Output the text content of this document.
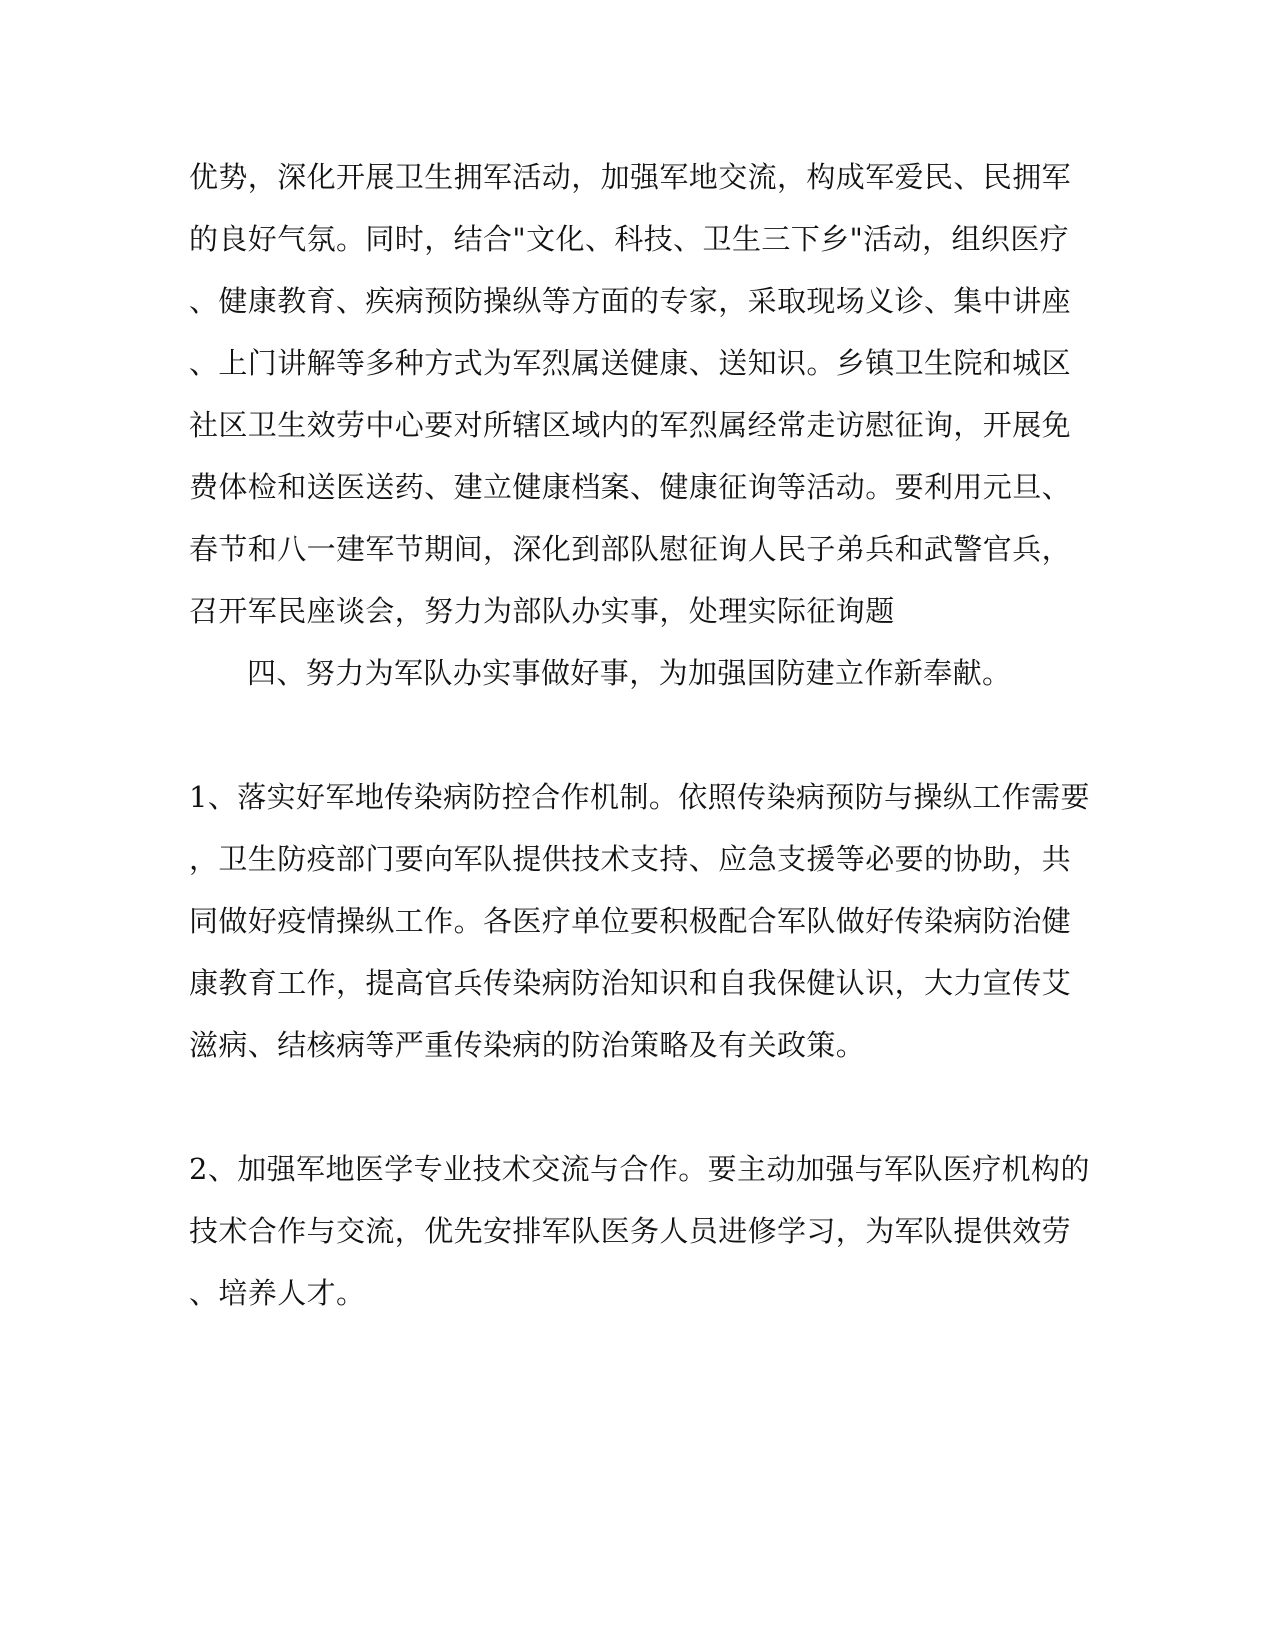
优势，深化开展卫生拥军活动，加强军地交流，构成军爱民、民拥军
的良好气氛。同时，结合"文化、科技、卫生三下乡"活动，组织医疗
、健康教育、疾病预防操纵等方面的专家，采取现场义诊、集中讲座
、上门讲解等多种方式为军烈属送健康、送知识。乡镇卫生院和城区
社区卫生效劳中心要对所辖区域内的军烈属经常走访慰征询，开展免
费体检和送医送药、建立健康档案、健康征询等活动。要利用元旦、
春节和八一建军节期间，深化到部队慰征询人民子弟兵和武警官兵，
召开军民座谈会，努力为部队办实事，处理实际征询题
四、努力为军队办实事做好事，为加强国防建立作新奉献。
1、落实好军地传染病防控合作机制。依照传染病预防与操纵工作需要
，卫生防疫部门要向军队提供技术支持、应急支援等必要的协助，共
同做好疫情操纵工作。各医疗单位要积极配合军队做好传染病防治健
康教育工作，提高官兵传染病防治知识和自我保健认识，大力宣传艾
滋病、结核病等严重传染病的防治策略及有关政策。
2、加强军地医学专业技术交流与合作。要主动加强与军队医疗机构的
技术合作与交流，优先安排军队医务人员进修学习，为军队提供效劳
、培养人才。
